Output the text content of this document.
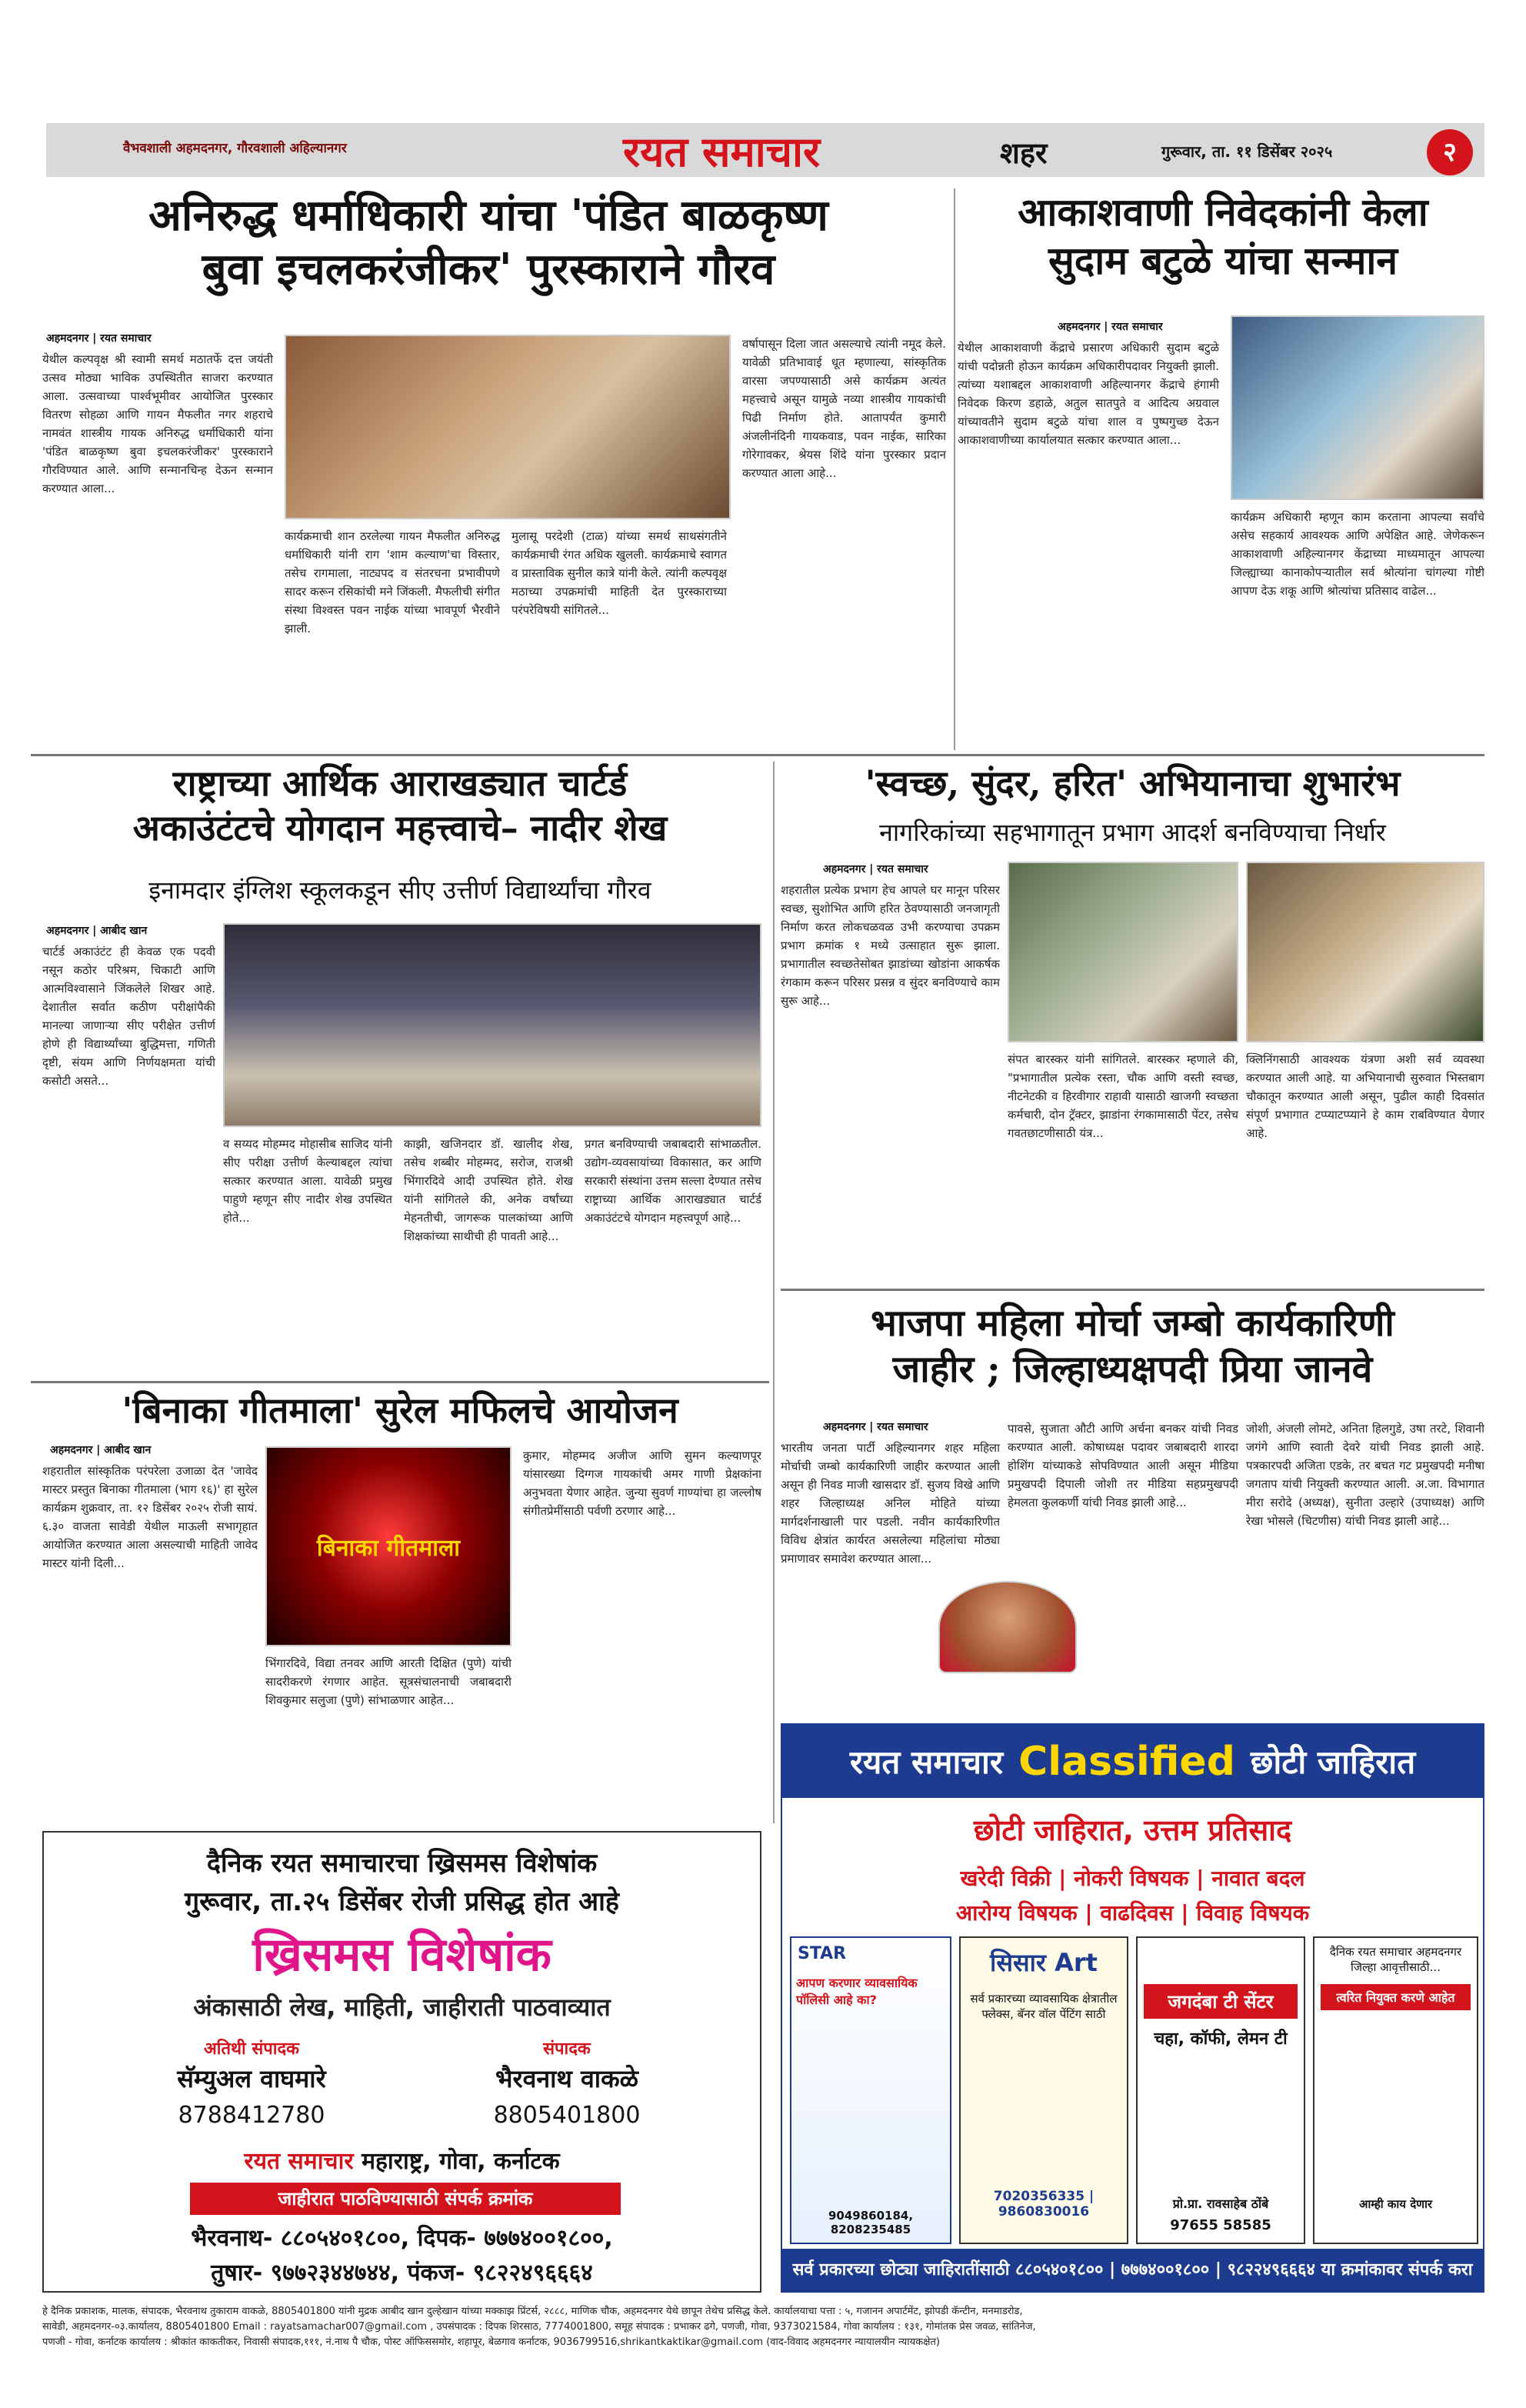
वैभवशाली अहमदनगर, गौरवशाली अहिल्यानगर	रयत समाचार	शहर	गुरूवार, ता. ११ डिसेंबर २०२५	२
अनिरुद्ध धर्माधिकारी यांचा 'पंडित बाळकृष्ण
बुवा इचलकरंजीकर' पुरस्काराने गौरव
अहमदनगर | रयत समाचार
येथील कल्पवृक्ष श्री स्वामी समर्थ मठातर्फे दत्त जयंती उत्सव मोठ्या भाविक उपस्थितीत साजरा करण्यात आला. उत्सवाच्या पार्श्वभूमीवर आयोजित पुरस्कार वितरण सोहळा आणि गायन मैफलीत नगर शहराचे नामवंत शास्त्रीय गायक अनिरुद्ध धर्माधिकारी यांना 'पंडित बाळकृष्ण बुवा इचलकरंजीकर' पुरस्काराने गौरविण्यात आले. आणि सन्मानचिन्ह देऊन सन्मान करण्यात आला...
कार्यक्रमाची शान ठरलेल्या गायन मैफलीत अनिरुद्ध धर्माधिकारी यांनी राग 'शाम कल्याण'चा विस्तार, तसेच रागमाला, नाट्यपद व संतरचना प्रभावीपणे सादर करून रसिकांची मने जिंकली. मैफलीची संगीत संस्था विश्वस्त पवन नाईक यांच्या भावपूर्ण भैरवीने झाली.
मुलासू परदेशी (टाळ) यांच्या समर्थ साथसंगतीने कार्यक्रमाची रंगत अधिक खुलली. कार्यक्रमाचे स्वागत व प्रास्ताविक सुनील कात्रे यांनी केले. त्यांनी कल्पवृक्ष मठाच्या उपक्रमांची माहिती देत पुरस्काराच्या परंपरेविषयी सांगितले...
वर्षापासून दिला जात असल्याचे त्यांनी नमूद केले. यावेळी प्रतिभावाई धूत म्हणाल्या, सांस्कृतिक वारसा जपण्यासाठी असे कार्यक्रम अत्यंत महत्त्वाचे असून यामुळे नव्या शास्त्रीय गायकांची पिढी निर्माण होते. आतापर्यंत कुमारी अंजलीनंदिनी गायकवाड, पवन नाईक, सारिका गोरेगावकर, श्रेयस शिंदे यांना पुरस्कार प्रदान करण्यात आला आहे...
आकाशवाणी निवेदकांनी केला
सुदाम बटुळे यांचा सन्मान
अहमदनगर | रयत समाचार
येथील आकाशवाणी केंद्राचे प्रसारण अधिकारी सुदाम बटुळे यांची पदोन्नती होऊन कार्यक्रम अधिकारीपदावर नियुक्ती झाली. त्यांच्या यशाबद्दल आकाशवाणी अहिल्यानगर केंद्राचे हंगामी निवेदक किरण डहाळे, अतुल सातपुते व आदित्य अग्रवाल यांच्यावतीने सुदाम बटुळे यांचा शाल व पुष्पगुच्छ देऊन आकाशवाणीच्या कार्यालयात सत्कार करण्यात आला...
कार्यक्रम अधिकारी म्हणून काम करताना आपल्या सर्वांचे असेच सहकार्य आवश्यक आणि अपेक्षित आहे. जेणेकरून आकाशवाणी अहिल्यानगर केंद्राच्या माध्यमातून आपल्या जिल्ह्याच्या कानाकोपऱ्यातील सर्व श्रोत्यांना चांगल्या गोष्टी आपण देऊ शकू आणि श्रोत्यांचा प्रतिसाद वाढेल...
राष्ट्राच्या आर्थिक आराखड्यात चार्टर्ड
अकाउंटंटचे योगदान महत्त्वाचे– नादीर शेख
इनामदार इंग्लिश स्कूलकडून सीए उत्तीर्ण विद्यार्थ्यांचा गौरव
अहमदनगर | आबीद खान
चार्टर्ड अकाउंटंट ही केवळ एक पदवी नसून कठोर परिश्रम, चिकाटी आणि आत्मविश्वासाने जिंकलेले शिखर आहे. देशातील सर्वात कठीण परीक्षांपैकी मानल्या जाणाऱ्या सीए परीक्षेत उत्तीर्ण होणे ही विद्यार्थ्यांच्या बुद्धिमत्ता, गणिती दृष्टी, संयम आणि निर्णयक्षमता यांची कसोटी असते...
व सय्यद मोहम्मद मोहासीब साजिद यांनी सीए परीक्षा उत्तीर्ण केल्याबद्दल त्यांचा सत्कार करण्यात आला. यावेळी प्रमुख पाहुणे म्हणून सीए नादीर शेख उपस्थित होते...
काझी, खजिनदार डॉ. खालीद शेख, तसेच शब्बीर मोहम्मद, सरोज, राजश्री भिंगारदिवे आदी उपस्थित होते. शेख यांनी सांगितले की, अनेक वर्षांच्या मेहनतीची, जागरूक पालकांच्या आणि शिक्षकांच्या साथीची ही पावती आहे...
प्रगत बनविण्याची जबाबदारी सांभाळतील. उद्योग-व्यवसायांच्या विकासात, कर आणि सरकारी संस्थांना उत्तम सल्ला देण्यात तसेच राष्ट्राच्या आर्थिक आराखड्यात चार्टर्ड अकाउंटंटचे योगदान महत्त्वपूर्ण आहे...
'स्वच्छ, सुंदर, हरित' अभियानाचा शुभारंभ
नागरिकांच्या सहभागातून प्रभाग आदर्श बनविण्याचा निर्धार
अहमदनगर | रयत समाचार
शहरातील प्रत्येक प्रभाग हेच आपले घर मानून परिसर स्वच्छ, सुशोभित आणि हरित ठेवण्यासाठी जनजागृती निर्माण करत लोकचळवळ उभी करण्याचा उपक्रम प्रभाग क्रमांक १ मध्ये उत्साहात सुरू झाला. प्रभागातील स्वच्छतेसोबत झाडांच्या खोडांना आकर्षक रंगकाम करून परिसर प्रसन्न व सुंदर बनविण्याचे काम सुरू आहे...
संपत बारस्कर यांनी सांगितले. बारस्कर म्हणाले की, "प्रभागातील प्रत्येक रस्ता, चौक आणि वस्ती स्वच्छ, नीटनेटकी व हिरवीगार राहावी यासाठी खाजगी स्वच्छता कर्मचारी, दोन ट्रॅक्टर, झाडांना रंगकामासाठी पेंटर, तसेच गवतछाटणीसाठी यंत्र...
क्लिनिंगसाठी आवश्यक यंत्रणा अशी सर्व व्यवस्था करण्यात आली आहे. या अभियानाची सुरुवात भिस्तबाग चौकातून करण्यात आली असून, पुढील काही दिवसांत संपूर्ण प्रभागात टप्प्याटप्प्याने हे काम राबविण्यात येणार आहे.
भाजपा महिला मोर्चा जम्बो कार्यकारिणी
जाहीर ; जिल्हाध्यक्षपदी प्रिया जानवे
अहमदनगर | रयत समाचार
भारतीय जनता पार्टी अहिल्यानगर शहर महिला मोर्चाची जम्बो कार्यकारिणी जाहीर करण्यात आली असून ही निवड माजी खासदार डॉ. सुजय विखे आणि शहर जिल्हाध्यक्ष अनिल मोहिते यांच्या मार्गदर्शनाखाली पार पडली. नवीन कार्यकारिणीत विविध क्षेत्रांत कार्यरत असलेल्या महिलांचा मोठ्या प्रमाणावर समावेश करण्यात आला...
पावसे, सुजाता औटी आणि अर्चना बनकर यांची निवड करण्यात आली. कोषाध्यक्ष पदावर जबाबदारी शारदा होशिंग यांच्याकडे सोपविण्यात आली असून मीडिया प्रमुखपदी दिपाली जोशी तर मीडिया सहप्रमुखपदी हेमलता कुलकर्णी यांची निवड झाली आहे...
जोशी, अंजली लोमटे, अनिता हिलगुडे, उषा तरटे, शिवानी जगंगे आणि स्वाती देवरे यांची निवड झाली आहे. पत्रकारपदी अजिता एडके, तर बचत गट प्रमुखपदी मनीषा जगताप यांची नियुक्ती करण्यात आली. अ.जा. विभागात मीरा सरोदे (अध्यक्ष), सुनीता उल्हारे (उपाध्यक्ष) आणि रेखा भोसले (चिटणीस) यांची निवड झाली आहे...
'बिनाका गीतमाला' सुरेल मफिलचे आयोजन
अहमदनगर | आबीद खान
शहरातील सांस्कृतिक परंपरेला उजाळा देत 'जावेद मास्टर प्रस्तुत बिनाका गीतमाला (भाग १६)' हा सुरेल कार्यक्रम शुक्रवार, ता. १२ डिसेंबर २०२५ रोजी सायं. ६.३० वाजता सावेडी येथील माऊली सभागृहात आयोजित करण्यात आला असल्याची माहिती जावेद मास्टर यांनी दिली...
बिनाका गीतमाला
भिंगारदिवे, विद्या तनवर आणि आरती दिक्षित (पुणे) यांची सादरीकरणे रंगणार आहेत. सूत्रसंचालनाची जबाबदारी शिवकुमार सलुजा (पुणे) सांभाळणार आहेत...
कुमार, मोहम्मद अजीज आणि सुमन कल्याणपूर यांसारख्या दिग्गज गायकांची अमर गाणी प्रेक्षकांना अनुभवता येणार आहेत. जुन्या सुवर्ण गाण्यांचा हा जल्लोष संगीतप्रेमींसाठी पर्वणी ठरणार आहे...
दैनिक रयत समाचारचा ख्रिसमस विशेषांक
गुरूवार, ता.२५ डिसेंबर रोजी प्रसिद्ध होत आहे
ख्रिसमस विशेषांक
अंकासाठी लेख, माहिती, जाहीराती पाठवाव्यात
अतिथी संपादक
सॅम्युअल वाघमारे
8788412780
संपादक
भैरवनाथ वाकळे
8805401800
रयत समाचार महाराष्ट्र, गोवा, कर्नाटक
जाहीरात पाठविण्यासाठी संपर्क क्रमांक
भैरवनाथ- ८८०५४०१८००, दिपक- ७७७४००१८००,
तुषार- ९७७२३४४७४४, पंकज- ९८२२४९६६६४
रयत समाचार Classified छोटी जाहिरात
छोटी जाहिरात, उत्तम प्रतिसाद
खरेदी विक्री | नोकरी विषयक | नावात बदल
आरोग्य विषयक | वाढदिवस | विवाह विषयक
STAR
आपण करणार व्यावसायिक पॉलिसी आहे का?
9049860184, 8208235485
सिसार Art
सर्व प्रकारच्या व्यावसायिक क्षेत्रातील फ्लेक्स, बॅनर वॉल पेंटिंग साठी
7020356335 | 9860830016
जगदंबा टी सेंटर
चहा, कॉफी, लेमन टी
प्रो.प्रा. रावसाहेब ठोंबे
97655 58585
दैनिक रयत समाचार अहमदनगर जिल्हा आवृत्तीसाठी...
त्वरित नियुक्त करणे आहेत
आम्ही काय देणार
सर्व प्रकारच्या छोट्या जाहिरातींसाठी ८८०५४०१८०० | ७७७४००१८०० | ९८२२४९६६६४ या क्रमांकावर संपर्क करा
हे दैनिक प्रकाशक, मालक, संपादक, भैरवनाथ तुकाराम वाकळे, 8805401800 यांनी मुद्रक आबीद खान दुल्हेखान यांच्या मक्काझ प्रिंटर्स, २८८८, माणिक चौक, अहमदनगर येथे छापून तेथेच प्रसिद्ध केले. कार्यालयाचा पत्ता : ५, गजानन अपार्टमेंट, झोपडी कॅन्टीन, मनमाडरोड,
सावेडी, अहमदनगर-०३.कार्यालय, 8805401800 Email : rayatsamachar007@gmail.com , उपसंपादक : दिपक शिरसाठ, 7774001800, समूह संपादक : प्रभाकर ढगे, पणजी, गोवा, 9373021584, गोवा कार्यालय : १३१, गोमांतक प्रेस जवळ, सांतिनेज,
पणजी - गोवा, कर्नाटक कार्यालय : श्रीकांत काकतीकर, निवासी संपादक,१११, नं.नाथ पै चौक, पोस्ट ऑफिससमोर, शहापूर, बेळगाव कर्नाटक, 9036799516,shrikantkaktikar@gmail.com (वाद-विवाद अहमदनगर न्यायालयीन न्यायकक्षेत)
